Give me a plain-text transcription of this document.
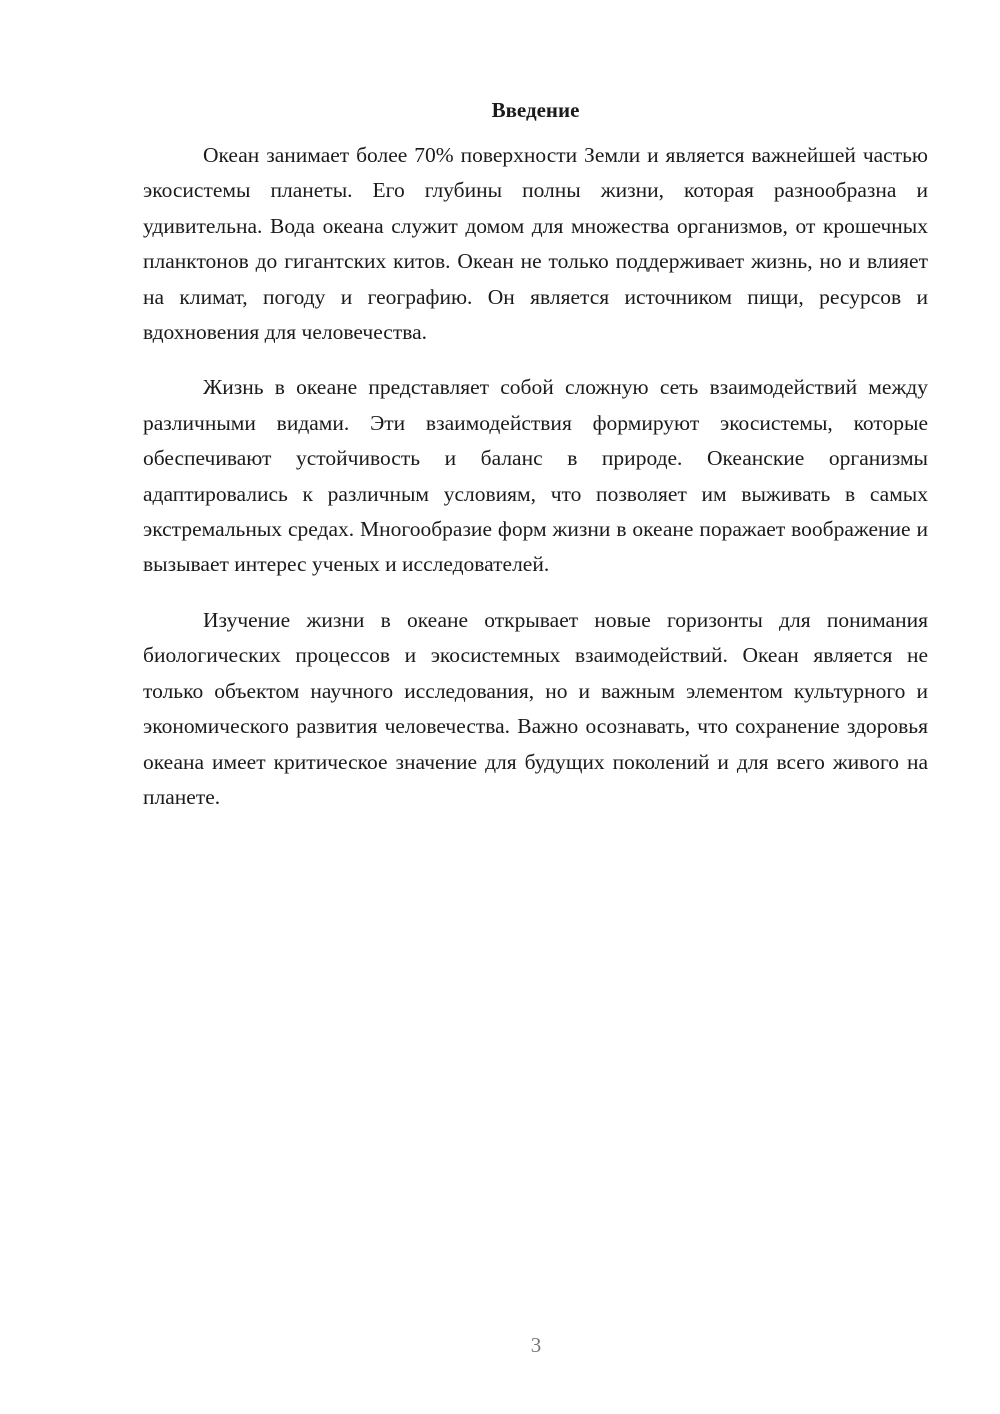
Введение

Океан занимает более 70% поверхности Земли и является важнейшей частью экосистемы планеты. Его глубины полны жизни, которая разнообразна и удивительна. Вода океана служит домом для множества организмов, от крошечных планктонов до гигантских китов. Океан не только поддерживает жизнь, но и влияет на климат, погоду и географию. Он является источником пищи, ресурсов и вдохновения для человечества.

Жизнь в океане представляет собой сложную сеть взаимодействий между различными видами. Эти взаимодействия формируют экосистемы, которые обеспечивают устойчивость и баланс в природе. Океанские организмы адаптировались к различным условиям, что позволяет им выживать в самых экстремальных средах. Многообразие форм жизни в океане поражает воображение и вызывает интерес ученых и исследователей.

Изучение жизни в океане открывает новые горизонты для понимания биологических процессов и экосистемных взаимодействий. Океан является не только объектом научного исследования, но и важным элементом культурного и экономического развития человечества. Важно осознавать, что сохранение здоровья океана имеет критическое значение для будущих поколений и для всего живого на планете.

3
